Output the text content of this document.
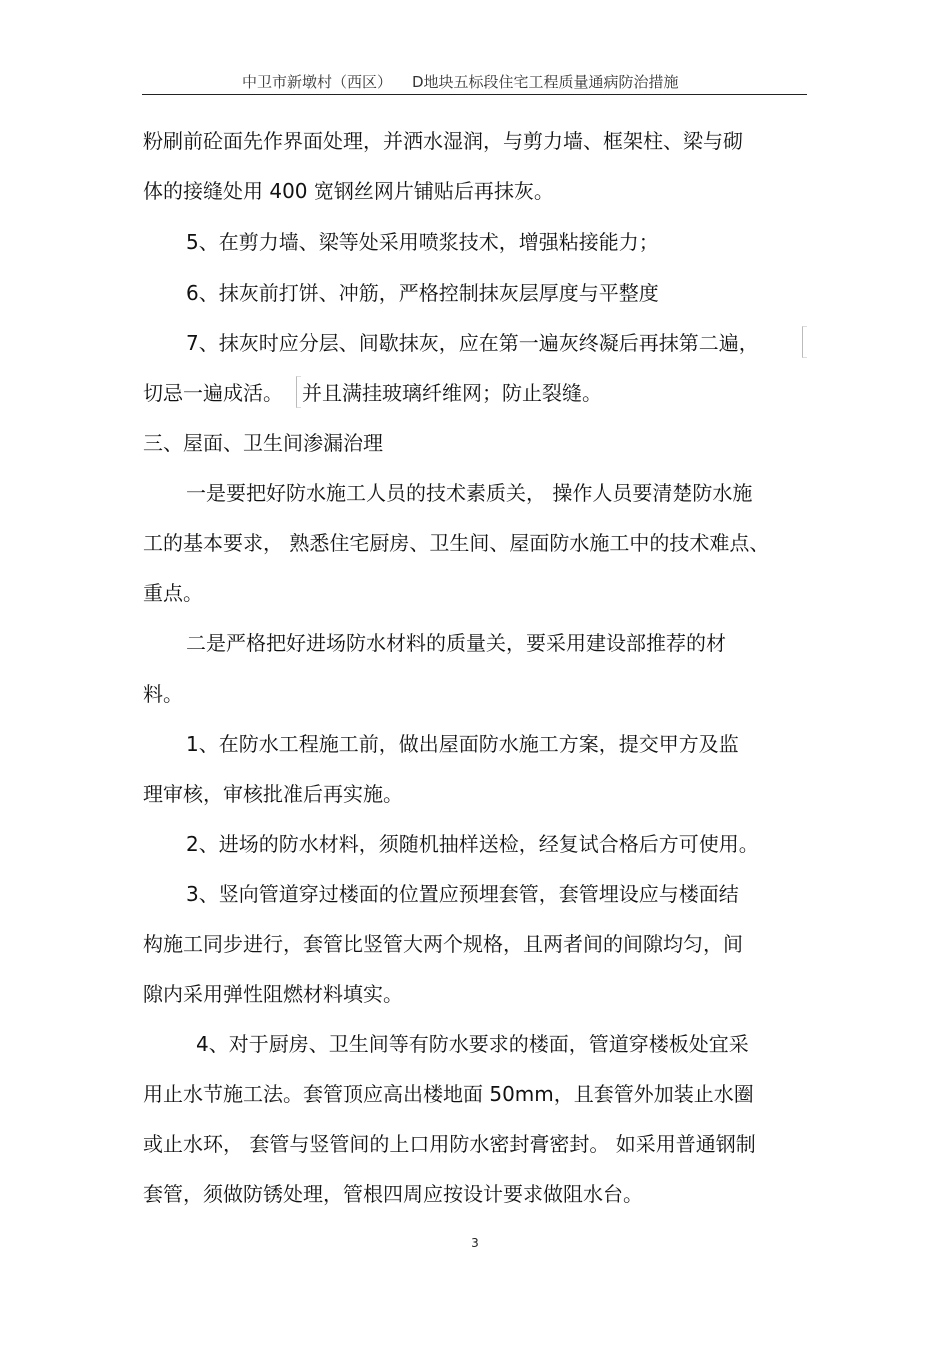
中卫市新墩村（西区） D地块五标段住宅工程质量通病防治措施
粉刷前砼面先作界面处理，并洒水湿润，与剪力墙、框架柱、梁与砌
体的接缝处用 400 宽钢丝网片铺贴后再抹灰。
5、在剪力墙、梁等处采用喷浆技术，增强粘接能力；
6、抹灰前打饼、冲筋，严格控制抹灰层厚度与平整度
7、抹灰时应分层、间歇抹灰，应在第一遍灰终凝后再抹第二遍，
切忌一遍成活。 并且满挂玻璃纤维网；防止裂缝。
三、屋面、卫生间渗漏治理
一是要把好防水施工人员的技术素质关， 操作人员要清楚防水施
工的基本要求， 熟悉住宅厨房、卫生间、屋面防水施工中的技术难点、
重点。
二是严格把好进场防水材料的质量关，要采用建设部推荐的材
料。
1、在防水工程施工前，做出屋面防水施工方案，提交甲方及监
理审核，审核批准后再实施。
2、进场的防水材料，须随机抽样送检，经复试合格后方可使用。
3、竖向管道穿过楼面的位置应预埋套管，套管埋设应与楼面结
构施工同步进行，套管比竖管大两个规格，且两者间的间隙均匀，间
隙内采用弹性阻燃材料填实。
4、对于厨房、卫生间等有防水要求的楼面，管道穿楼板处宜采
用止水节施工法。套管顶应高出楼地面 50mm，且套管外加装止水圈
或止水环， 套管与竖管间的上口用防水密封膏密封。 如采用普通钢制
套管，须做防锈处理，管根四周应按设计要求做阻水台。
3
